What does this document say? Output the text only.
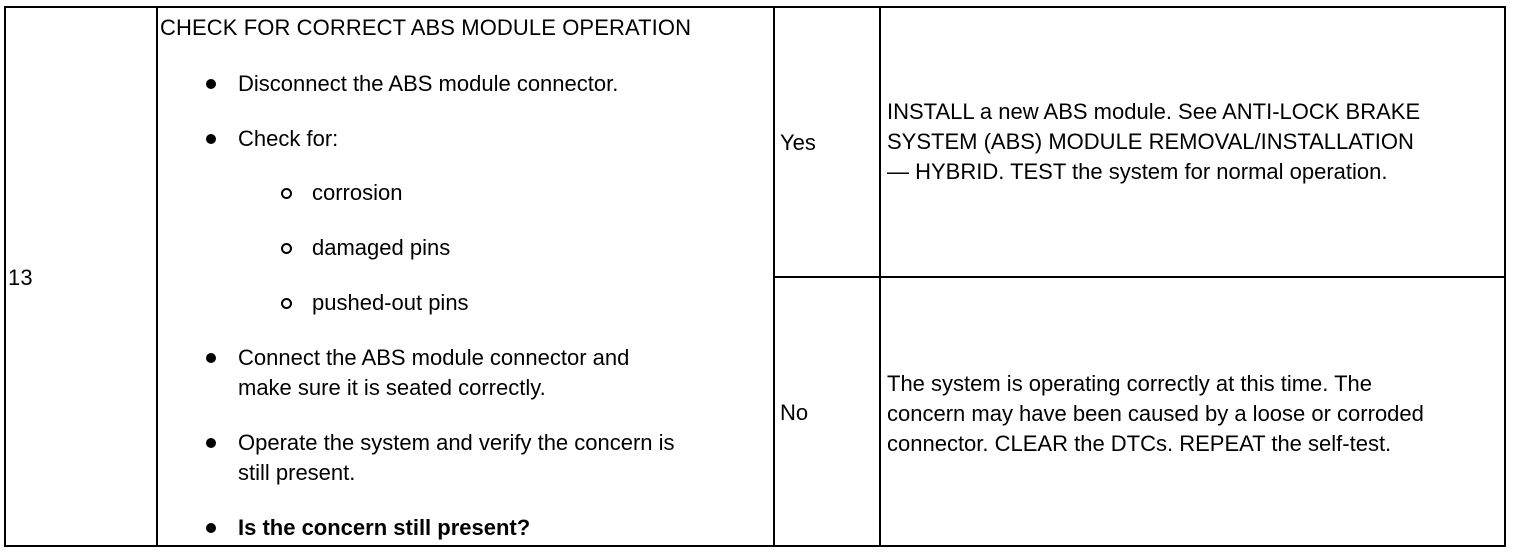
13
CHECK FOR CORRECT ABS MODULE OPERATION
Disconnect the ABS module connector.
Check for:
corrosion
damaged pins
pushed-out pins
Connect the ABS module connector and
make sure it is seated correctly.
Operate the system and verify the concern is
still present.
Is the concern still present?
Yes
INSTALL a new ABS module. See ANTI-LOCK BRAKE
SYSTEM (ABS) MODULE REMOVAL/INSTALLATION
— HYBRID. TEST the system for normal operation.
No
The system is operating correctly at this time. The
concern may have been caused by a loose or corroded
connector. CLEAR the DTCs. REPEAT the self-test.
